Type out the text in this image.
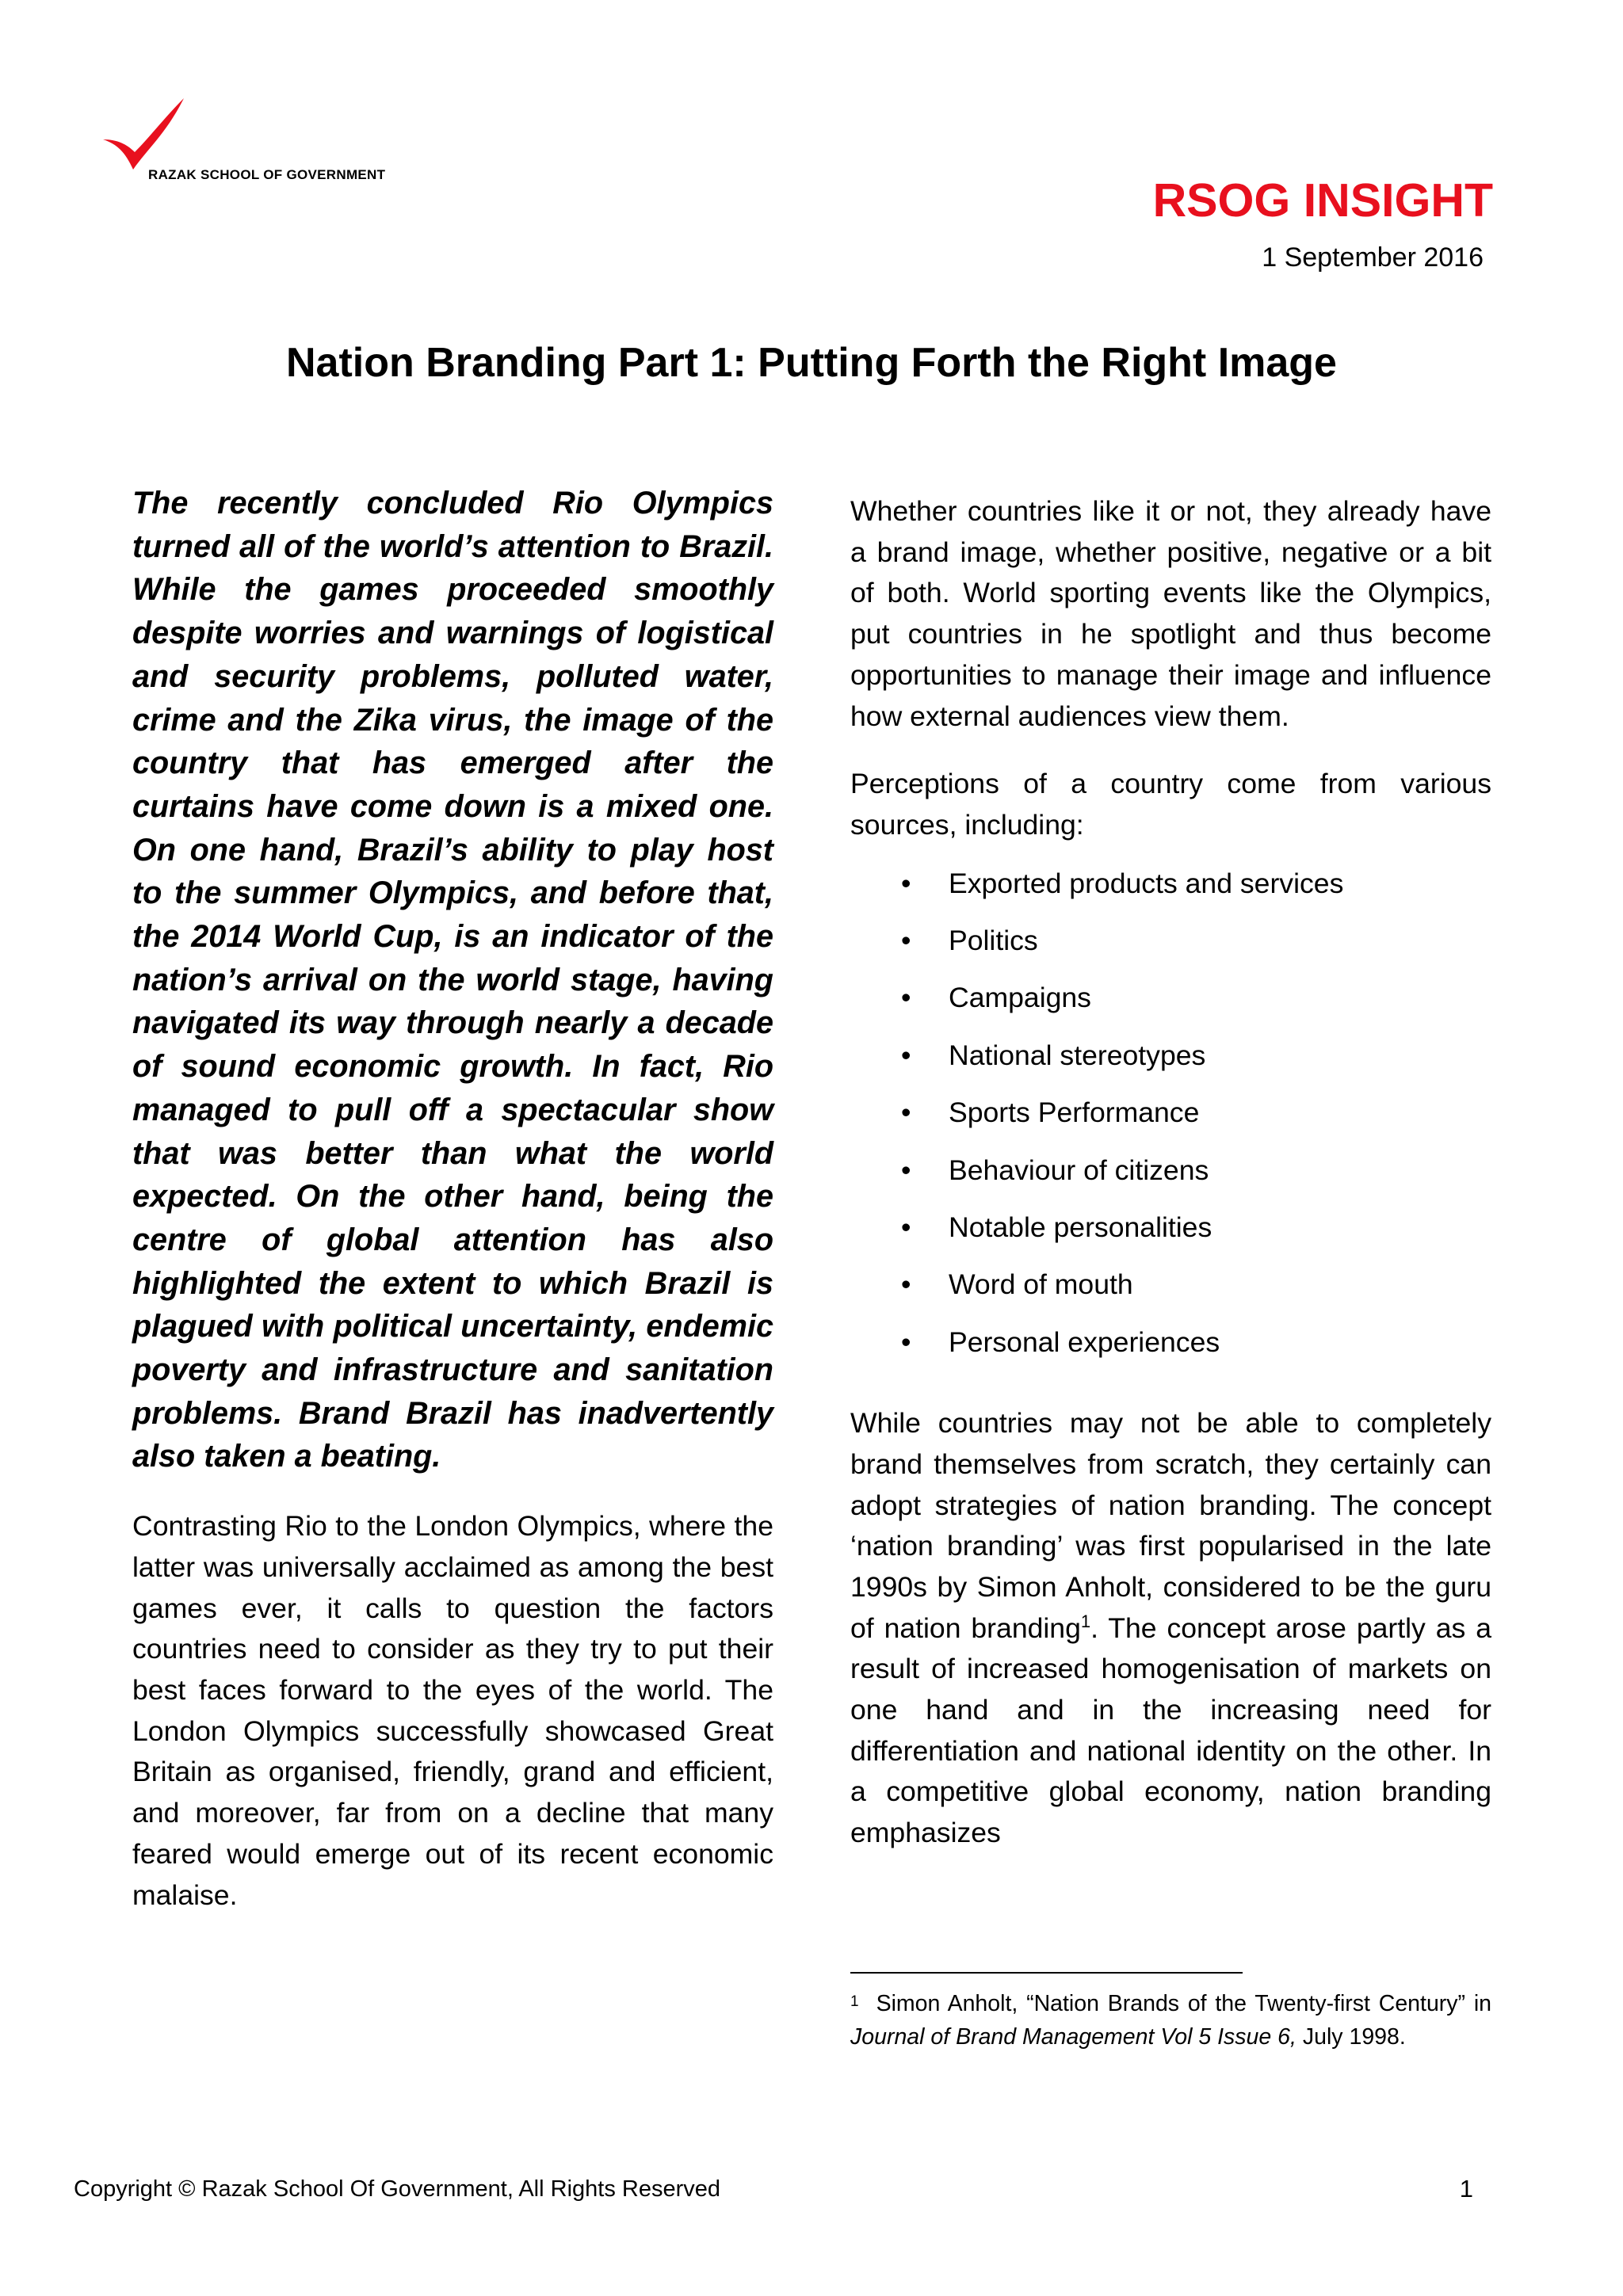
RAZAK SCHOOL OF GOVERNMENT	RSOG INSIGHT
1 September 2016
Nation Branding Part 1: Putting Forth the Right Image

The recently concluded Rio Olympics turned all of the world’s attention to Brazil. While the games proceeded smoothly despite worries and warnings of logistical and security problems, polluted water, crime and the Zika virus, the image of the country that has emerged after the curtains have come down is a mixed one. On one hand, Brazil’s ability to play host to the summer Olympics, and before that, the 2014 World Cup, is an indicator of the nation’s arrival on the world stage, having navigated its way through nearly a decade of sound economic growth. In fact, Rio managed to pull off a spectacular show that was better than what the world expected. On the other hand, being the centre of global attention has also highlighted the extent to which Brazil is plagued with political uncertainty, endemic poverty and infrastructure and sanitation problems. Brand Brazil has inadvertently also taken a beating.

Contrasting Rio to the London Olympics, where the latter was universally acclaimed as among the best games ever, it calls to question the factors countries need to consider as they try to put their best faces forward to the eyes of the world. The London Olympics successfully showcased Great Britain as organised, friendly, grand and efficient, and moreover, far from on a decline that many feared would emerge out of its recent economic malaise.

Whether countries like it or not, they already have a brand image, whether positive, negative or a bit of both. World sporting events like the Olympics, put countries in he spotlight and thus become opportunities to manage their image and influence how external audiences view them.

Perceptions of a country come from various sources, including:

• Exported products and services
• Politics
• Campaigns
• National stereotypes
• Sports Performance
• Behaviour of citizens
• Notable personalities
• Word of mouth
• Personal experiences

While countries may not be able to completely brand themselves from scratch, they certainly can adopt strategies of nation branding. The concept ‘nation branding’ was first popularised in the late 1990s by Simon Anholt, considered to be the guru of nation branding$^1$. The concept arose partly as a result of increased homogenisation of markets on one hand and in the increasing need for differentiation and national identity on the other. In a competitive global economy, nation branding emphasizes

$^1$ Simon Anholt, “Nation Brands of the Twenty-first Century” in Journal of Brand Management Vol 5 Issue 6, July 1998.
Copyright © Razak School Of Government, All Rights Reserved	1
